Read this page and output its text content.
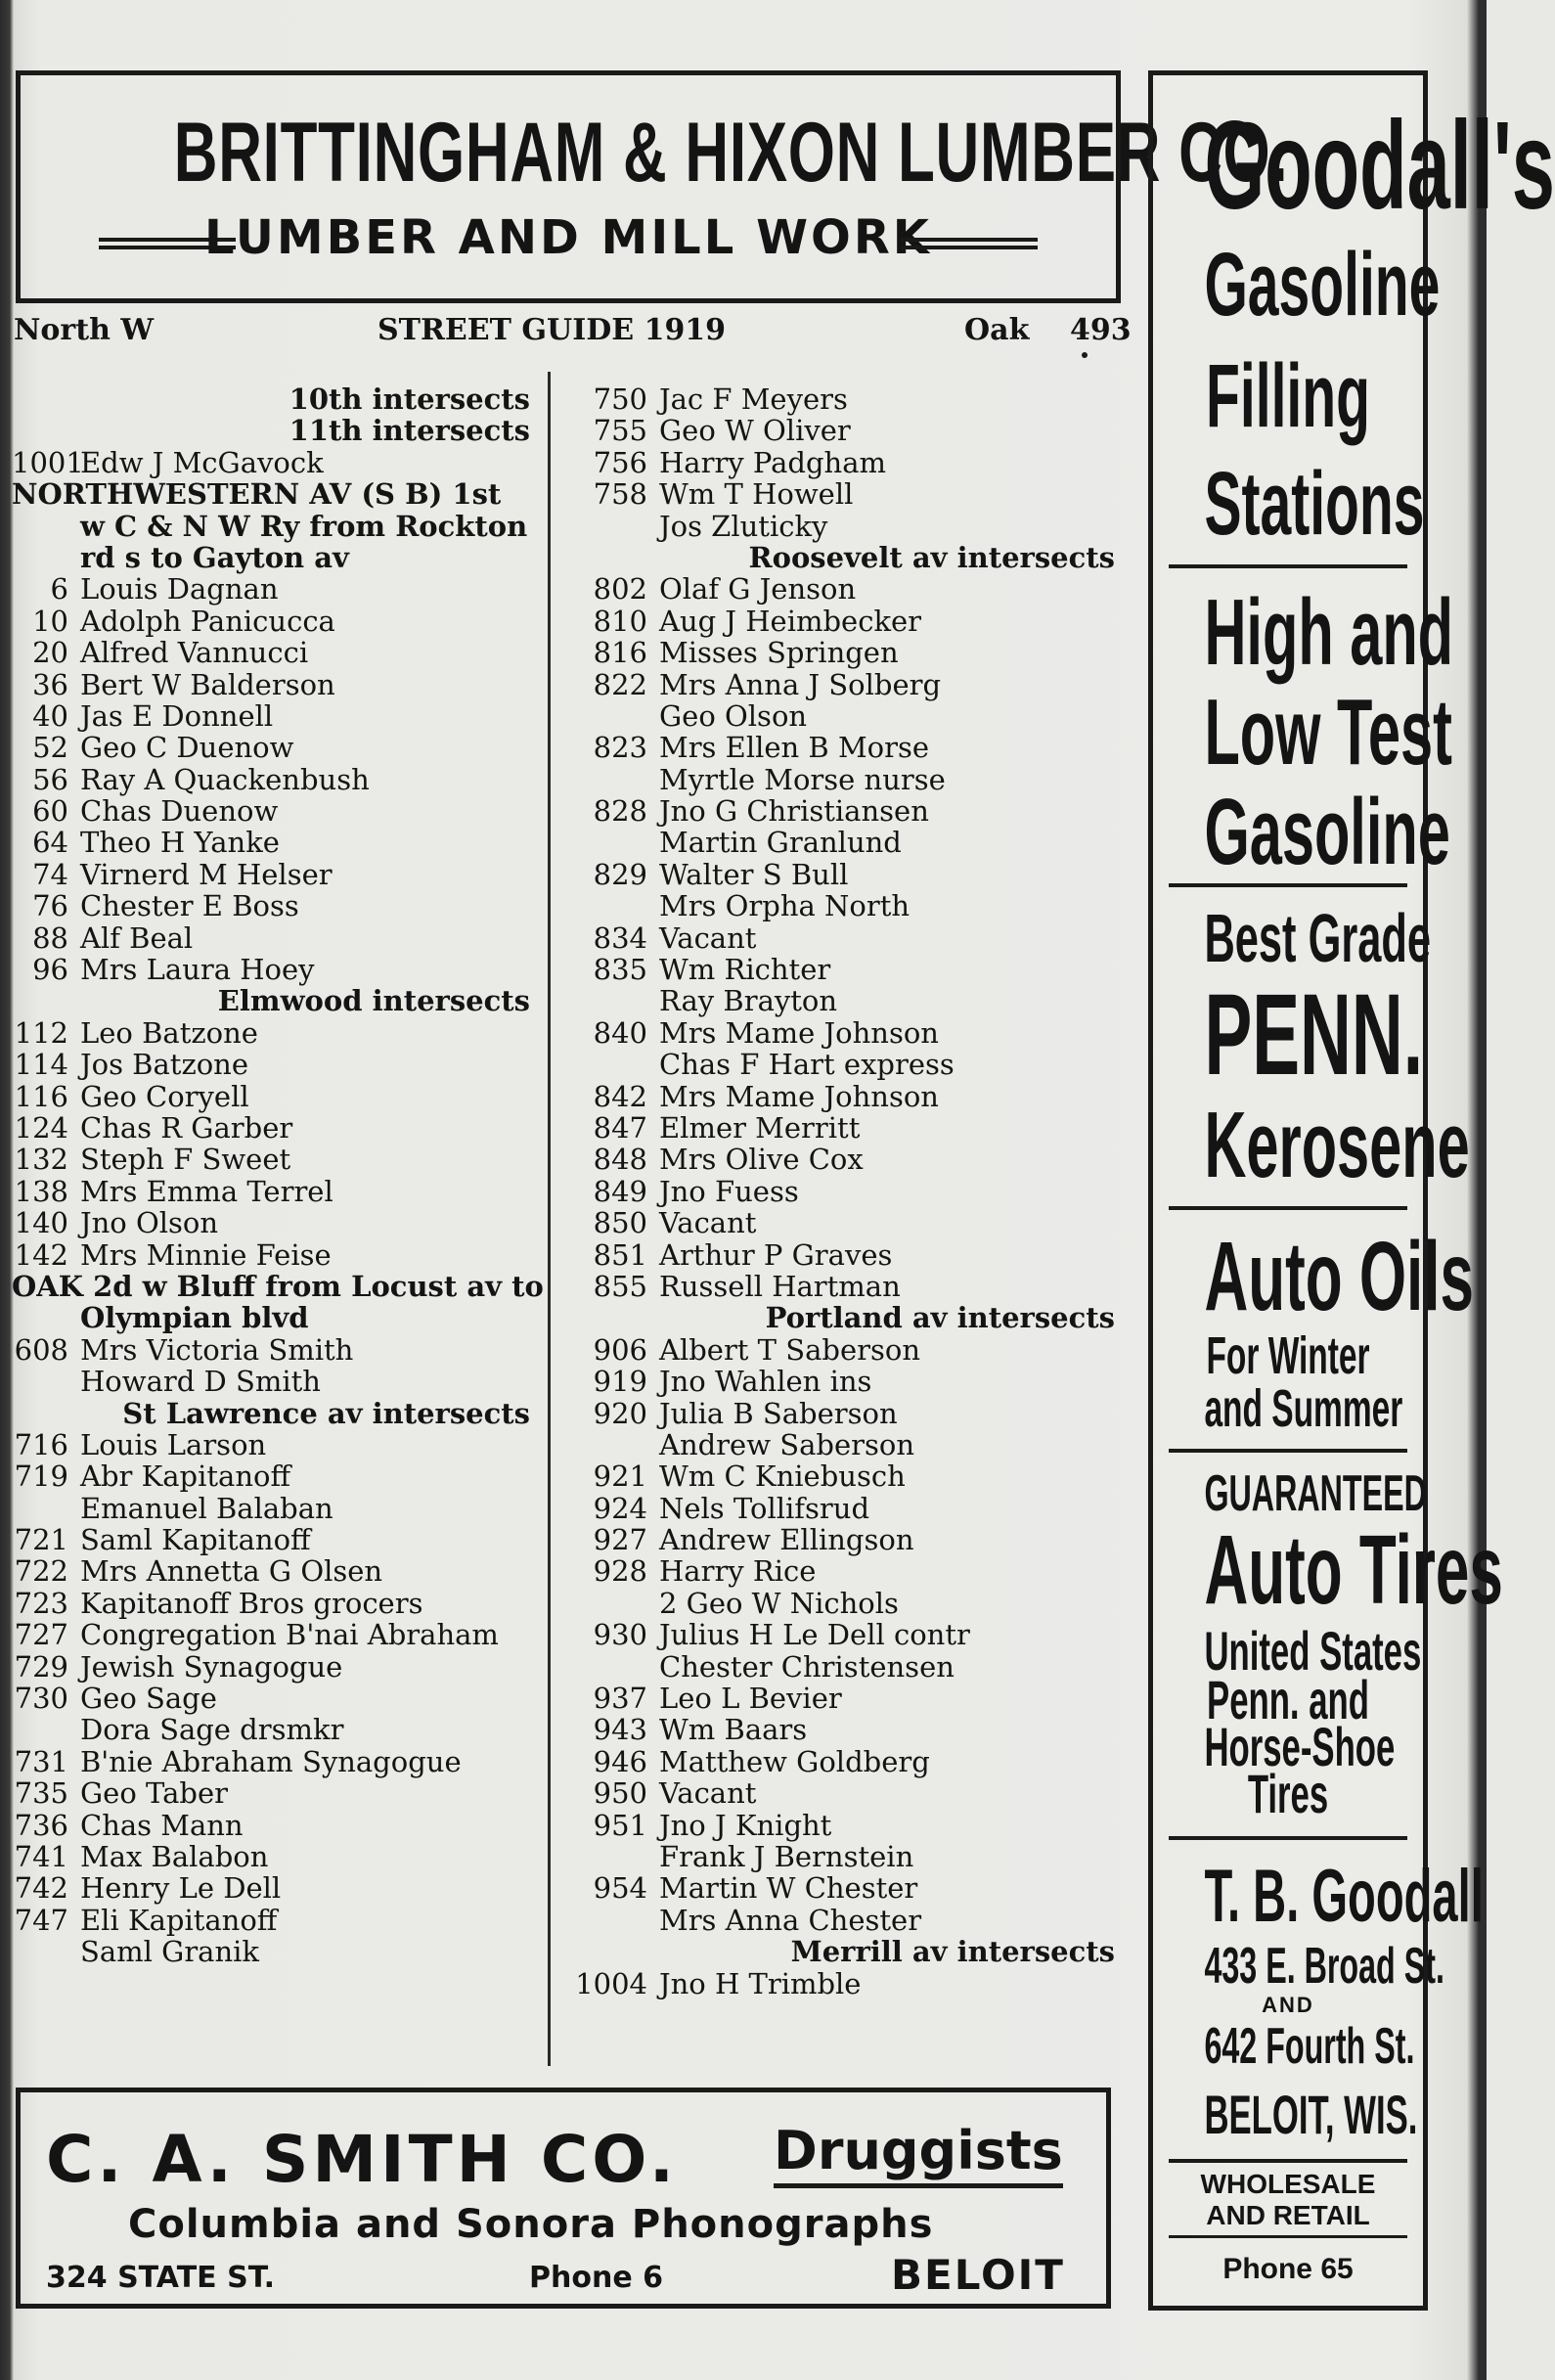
BRITTINGHAM & HIXON LUMBER CO.
LUMBER AND MILL WORK
North W	STREET GUIDE 1919	Oak 493
10th intersects
11th intersects
1001Edw J McGavock
NORTHWESTERN AV (S B) 1st
w C & N W Ry from Rockton
rd s to Gayton av
6 Louis Dagnan
10 Adolph Panicucca
20 Alfred Vannucci
36 Bert W Balderson
40 Jas E Donnell
52 Geo C Duenow
56 Ray A Quackenbush
60 Chas Duenow
64 Theo H Yanke
74 Virnerd M Helser
76 Chester E Boss
88 Alf Beal
96 Mrs Laura Hoey
Elmwood intersects
112 Leo Batzone
114 Jos Batzone
116 Geo Coryell
124 Chas R Garber
132 Steph F Sweet
138 Mrs Emma Terrel
140 Jno Olson
142 Mrs Minnie Feise
OAK 2d w Bluff from Locust av to
Olympian blvd
608 Mrs Victoria Smith
Howard D Smith
St Lawrence av intersects
716 Louis Larson
719 Abr Kapitanoff
Emanuel Balaban
721 Saml Kapitanoff
722 Mrs Annetta G Olsen
723 Kapitanoff Bros grocers
727 Congregation B'nai Abraham
729 Jewish Synagogue
730 Geo Sage
Dora Sage drsmkr
731 B'nie Abraham Synagogue
735 Geo Taber
736 Chas Mann
741 Max Balabon
742 Henry Le Dell
747 Eli Kapitanoff
Saml Granik
750 Jac F Meyers
755 Geo W Oliver
756 Harry Padgham
758 Wm T Howell
Jos Zluticky
Roosevelt av intersects
802 Olaf G Jenson
810 Aug J Heimbecker
816 Misses Springen
822 Mrs Anna J Solberg
Geo Olson
823 Mrs Ellen B Morse
Myrtle Morse nurse
828 Jno G Christiansen
Martin Granlund
829 Walter S Bull
Mrs Orpha North
834 Vacant
835 Wm Richter
Ray Brayton
840 Mrs Mame Johnson
Chas F Hart express
842 Mrs Mame Johnson
847 Elmer Merritt
848 Mrs Olive Cox
849 Jno Fuess
850 Vacant
851 Arthur P Graves
855 Russell Hartman
Portland av intersects
906 Albert T Saberson
919 Jno Wahlen ins
920 Julia B Saberson
Andrew Saberson
921 Wm C Kniebusch
924 Nels Tollifsrud
927 Andrew Ellingson
928 Harry Rice
2 Geo W Nichols
930 Julius H Le Dell contr
Chester Christensen
937 Leo L Bevier
943 Wm Baars
946 Matthew Goldberg
950 Vacant
951 Jno J Knight
Frank J Bernstein
954 Martin W Chester
Mrs Anna Chester
Merrill av intersects
1004 Jno H Trimble
C. A. SMITH CO. Druggists
Columbia and Sonora Phonographs
324 STATE ST.	Phone 6	BELOIT
Goodall's
Gasoline
Filling
Stations
High and
Low Test
Gasoline
Best Grade
PENN.
Kerosene
Auto Oils
For Winter
and Summer
GUARANTEED
Auto Tires
United States
Penn. and
Horse-Shoe
Tires
T. B. Goodall
433 E. Broad St.
AND
642 Fourth St.
BELOIT, WIS.
WHOLESALE
AND RETAIL
Phone 65
